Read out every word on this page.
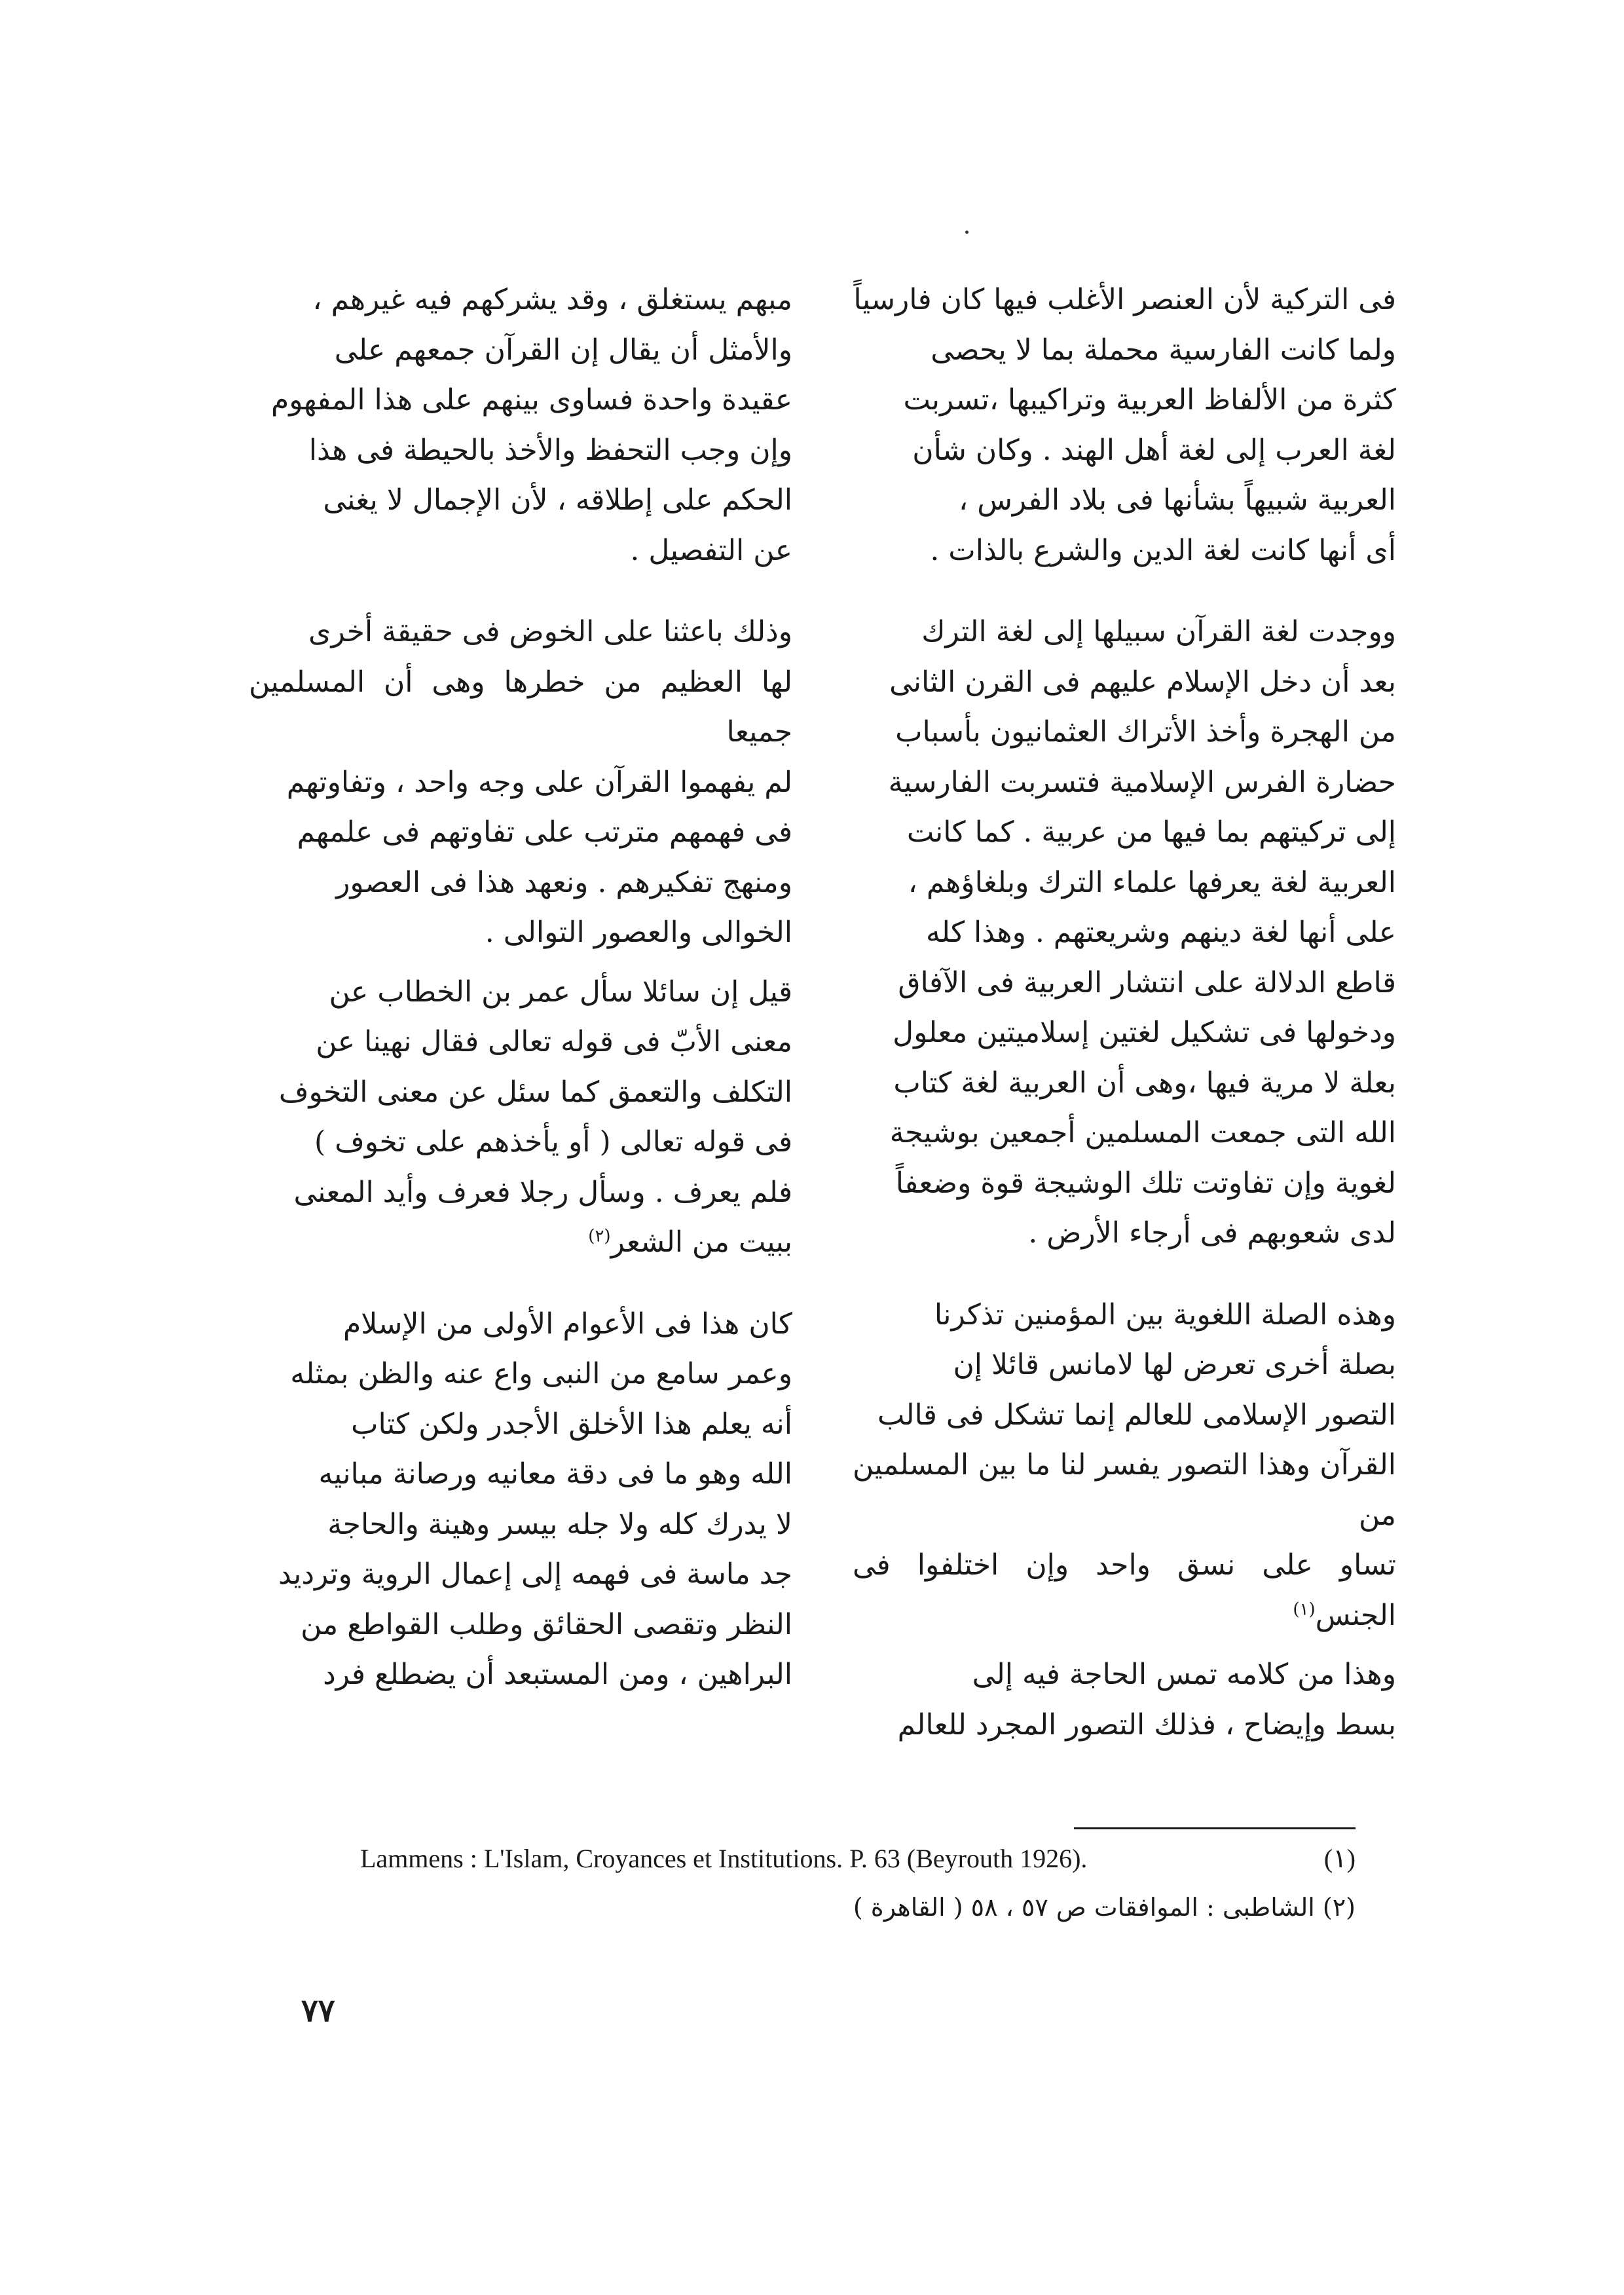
فى التركية لأن العنصر الأغلب فيها كان فارسياً

ولما كانت الفارسية محملة بما لا يحصى

كثرة من الألفاظ العربية وتراكيبها ،تسربت

لغة العرب إلى لغة أهل الهند . وكان شأن

العربية شبيهاً بشأنها فى بلاد الفرس ،

أى أنها كانت لغة الدين والشرع بالذات .

ووجدت لغة القرآن سبيلها إلى لغة الترك

بعد أن دخل الإسلام عليهم فى القرن الثانى

من الهجرة وأخذ الأتراك العثمانيون بأسباب

حضارة الفرس الإسلامية فتسربت الفارسية

إلى تركيتهم بما فيها من عربية . كما كانت

العربية لغة يعرفها علماء الترك وبلغاؤهم ،

على أنها لغة دينهم وشريعتهم . وهذا كله

قاطع الدلالة على انتشار العربية فى الآفاق

ودخولها فى تشكيل لغتين إسلاميتين معلول

بعلة لا مرية فيها ،وهى أن العربية لغة كتاب

الله التى جمعت المسلمين أجمعين بوشيجة

لغوية وإن تفاوتت تلك الوشيجة قوة وضعفاً

لدى شعوبهم فى أرجاء الأرض .

وهذه الصلة اللغوية بين المؤمنين تذكرنا

بصلة أخرى تعرض لها لامانس قائلا إن

التصور الإسلامى للعالم إنما تشكل فى قالب

القرآن وهذا التصور يفسر لنا ما بين المسلمين من

تساو على نسق واحد وإن اختلفوا فى الجنس$^{(١)}$

وهذا من كلامه تمس الحاجة فيه إلى

بسط وإيضاح ، فذلك التصور المجرد للعالم

مبهم يستغلق ، وقد يشركهم فيه غيرهم ،

والأمثل أن يقال إن القرآن جمعهم على

عقيدة واحدة فساوى بينهم على هذا المفهوم

وإن وجب التحفظ والأخذ بالحيطة فى هذا

الحكم على إطلاقه ، لأن الإجمال لا يغنى

عن التفصيل .

وذلك باعثنا على الخوض فى حقيقة أخرى

لها العظيم من خطرها وهى أن المسلمين جميعا

لم يفهموا القرآن على وجه واحد ، وتفاوتهم

فى فهمهم مترتب على تفاوتهم فى علمهم

ومنهج تفكيرهم . ونعهد هذا فى العصور

الخوالى والعصور التوالى .

قيل إن سائلا سأل عمر بن الخطاب عن

معنى الأبّ فى قوله تعالى فقال نهينا عن

التكلف والتعمق كما سئل عن معنى التخوف

فى قوله تعالى ( أو يأخذهم على تخوف )

فلم يعرف . وسأل رجلا فعرف وأيد المعنى

ببيت من الشعر$^{(٢)}$

كان هذا فى الأعوام الأولى من الإسلام

وعمر سامع من النبى واع عنه والظن بمثله

أنه يعلم هذا الأخلق الأجدر ولكن كتاب

الله وهو ما فى دقة معانيه ورصانة مبانيه

لا يدرك كله ولا جله بيسر وهينة والحاجة

جد ماسة فى فهمه إلى إعمال الروية وترديد

النظر وتقصى الحقائق وطلب القواطع من

البراهين ، ومن المستبعد أن يضطلع فرد

Lammens : L'Islam, Croyances et Institutions. P. 63 (Beyrouth 1926).	(١)
(٢) الشاطبى : الموافقات ص ٥٧ ، ٥٨ ( القاهرة )
٧٧
